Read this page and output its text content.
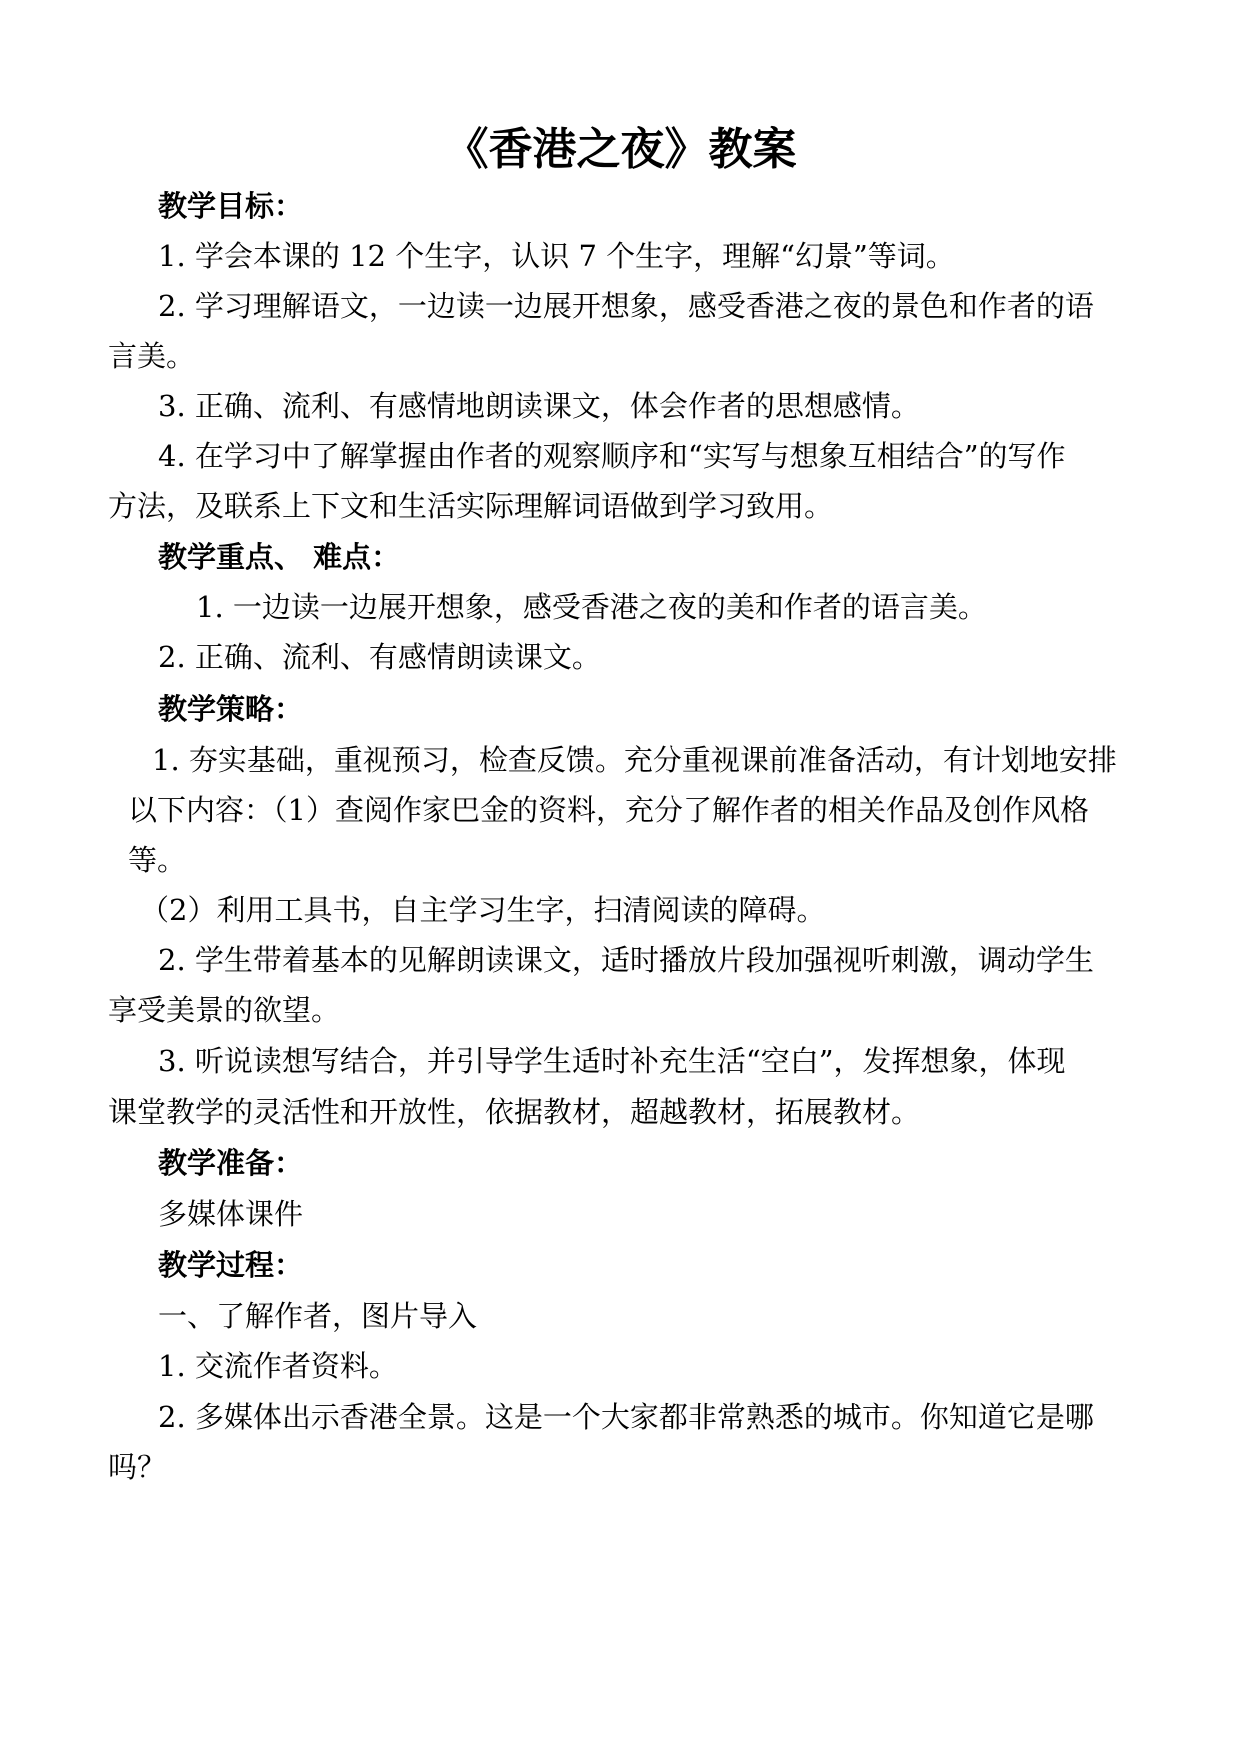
《香港之夜》教案
教学目标：
1. 学会本课的 12 个生字，认识 7 个生字，理解“幻景”等词。
2. 学习理解语文，一边读一边展开想象，感受香港之夜的景色和作者的语
言美。
3. 正确、流利、有感情地朗读课文，体会作者的思想感情。
4. 在学习中了解掌握由作者的观察顺序和“实写与想象互相结合”的写作
方法，及联系上下文和生活实际理解词语做到学习致用。
教学重点、 难点：
1. 一边读一边展开想象，感受香港之夜的美和作者的语言美。
2. 正确、流利、有感情朗读课文。
教学策略：
1. 夯实基础，重视预习，检查反馈。充分重视课前准备活动，有计划地安排
以下内容：（1）查阅作家巴金的资料，充分了解作者的相关作品及创作风格
等。
（2）利用工具书，自主学习生字，扫清阅读的障碍。
2. 学生带着基本的见解朗读课文，适时播放片段加强视听刺激，调动学生
享受美景的欲望。
3. 听说读想写结合，并引导学生适时补充生活“空白”，发挥想象，体现
课堂教学的灵活性和开放性，依据教材，超越教材，拓展教材。
教学准备：
多媒体课件
教学过程：
一、了解作者，图片导入
1. 交流作者资料。
2. 多媒体出示香港全景。这是一个大家都非常熟悉的城市。你知道它是哪
吗？
